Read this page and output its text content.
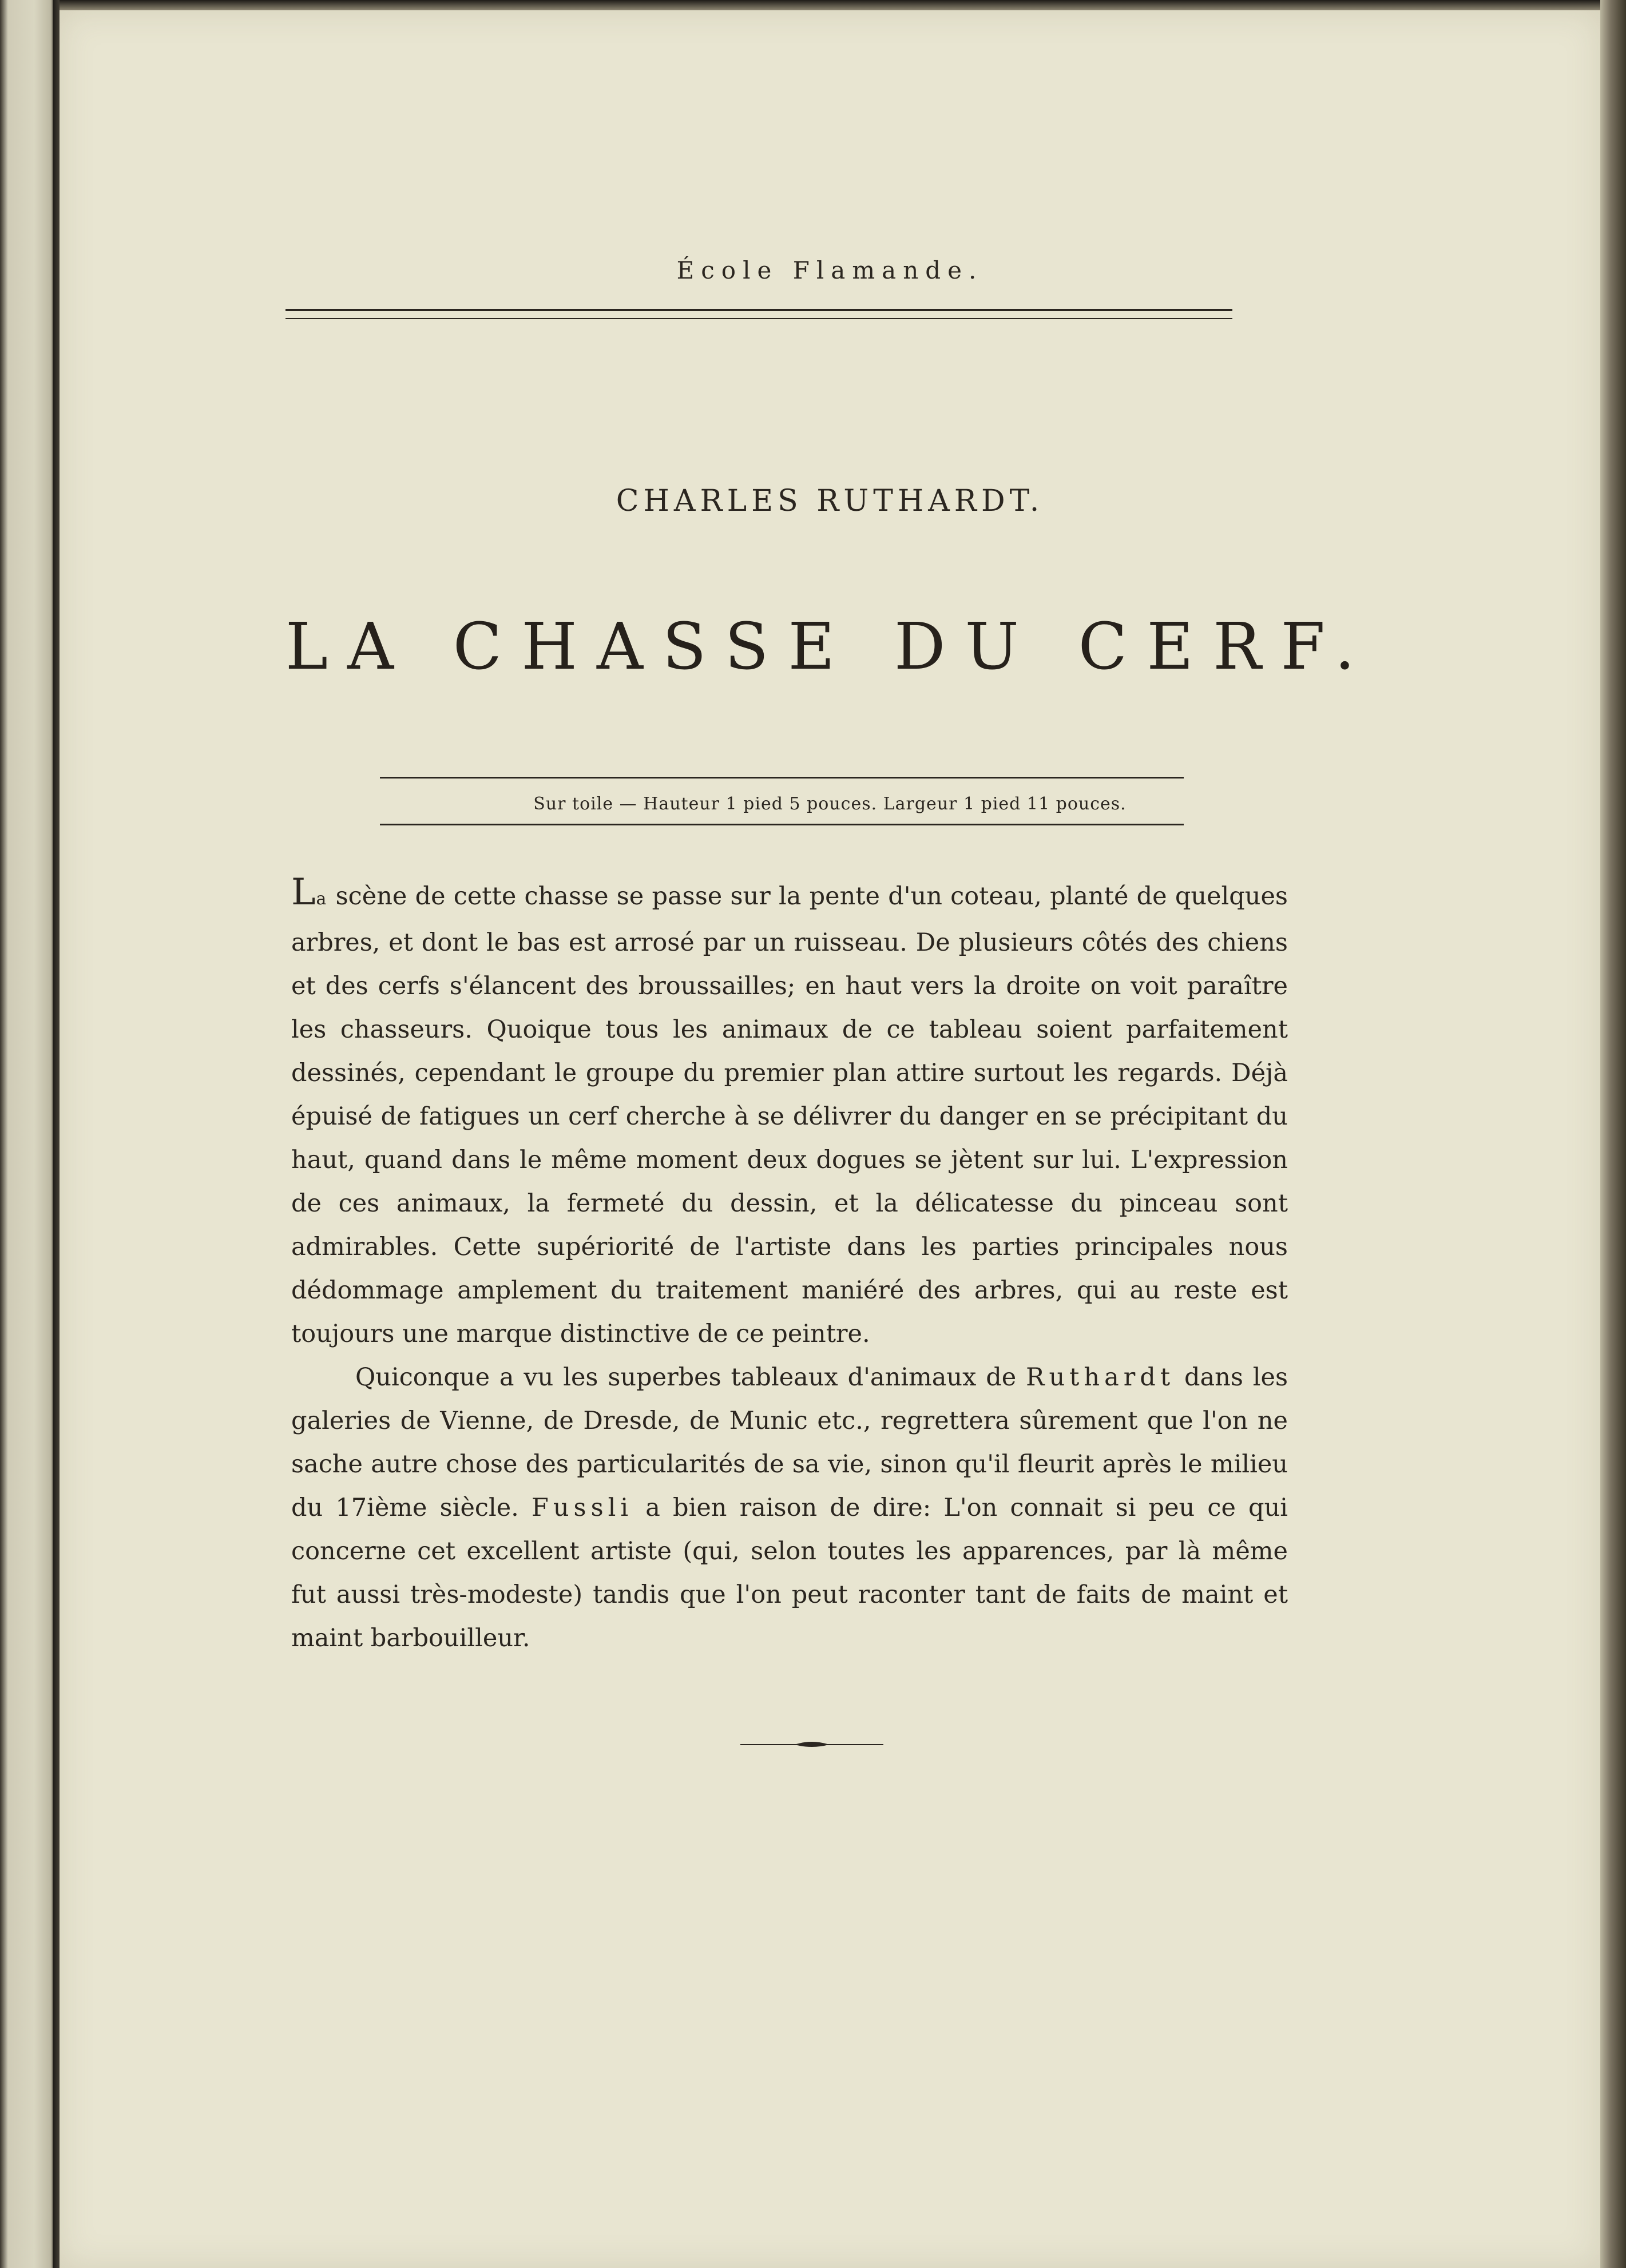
École Flamande.
CHARLES RUTHARDT.
LA CHASSE DU CERF.
Sur toile — Hauteur 1 pied 5 pouces. Largeur 1 pied 11 pouces.

La scène de cette chasse se passe sur la pente d'un coteau, planté de quelques arbres, et dont le bas est arrosé par un ruisseau. De plusieurs côtés des chiens et des cerfs s'élancent des broussailles; en haut vers la droite on voit paraître les chasseurs. Quoique tous les animaux de ce tableau soient parfaitement dessinés, cependant le groupe du premier plan attire surtout les regards. Déjà épuisé de fatigues un cerf cherche à se délivrer du danger en se précipitant du haut, quand dans le même moment deux dogues se jètent sur lui. L'expression de ces animaux, la fermeté du dessin, et la délicatesse du pinceau sont admirables. Cette supériorité de l'artiste dans les parties principales nous dédommage amplement du traitement maniéré des arbres, qui au reste est toujours une marque distinctive de ce peintre.

Quiconque a vu les superbes tableaux d'animaux de Ruthardt dans les galeries de Vienne, de Dresde, de Munic etc., regrettera sûrement que l'on ne sache autre chose des particularités de sa vie, sinon qu'il fleurit après le milieu du 17ième siècle. Fussli a bien raison de dire: L'on connait si peu ce qui concerne cet excellent artiste (qui, selon toutes les apparences, par là même fut aussi très-modeste) tandis que l'on peut raconter tant de faits de maint et maint barbouilleur.
